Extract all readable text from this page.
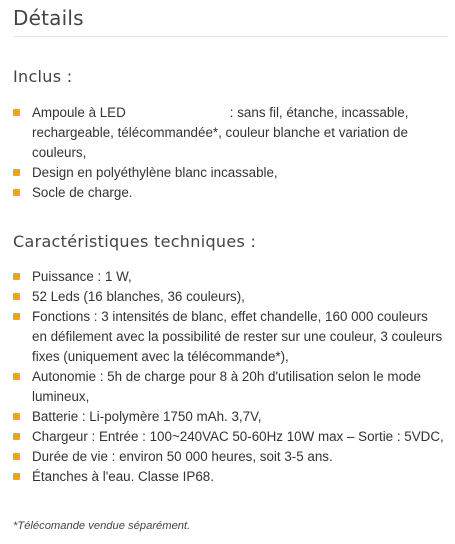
Détails
Inclus :
Ampoule à LED	: sans fil, étanche, incassable, rechargeable, télécommandée*, couleur blanche et variation de couleurs,
Design en polyéthylène blanc incassable,
Socle de charge.
Caractéristiques techniques :
Puissance : 1 W,
52 Leds (16 blanches, 36 couleurs),
Fonctions : 3 intensités de blanc, effet chandelle, 160 000 couleurs en défilement avec la possibilité de rester sur une couleur, 3 couleurs fixes (uniquement avec la télécommande*),
Autonomie : 5h de charge pour 8 à 20h d'utilisation selon le mode lumineux,
Batterie : Li-polymère 1750 mAh. 3,7V,
Chargeur : Entrée : 100~240VAC 50-60Hz 10W max – Sortie : 5VDC,
Durée de vie : environ 50 000 heures, soit 3-5 ans.
Étanches à l'eau. Classe IP68.
*Télécomande vendue séparément.
